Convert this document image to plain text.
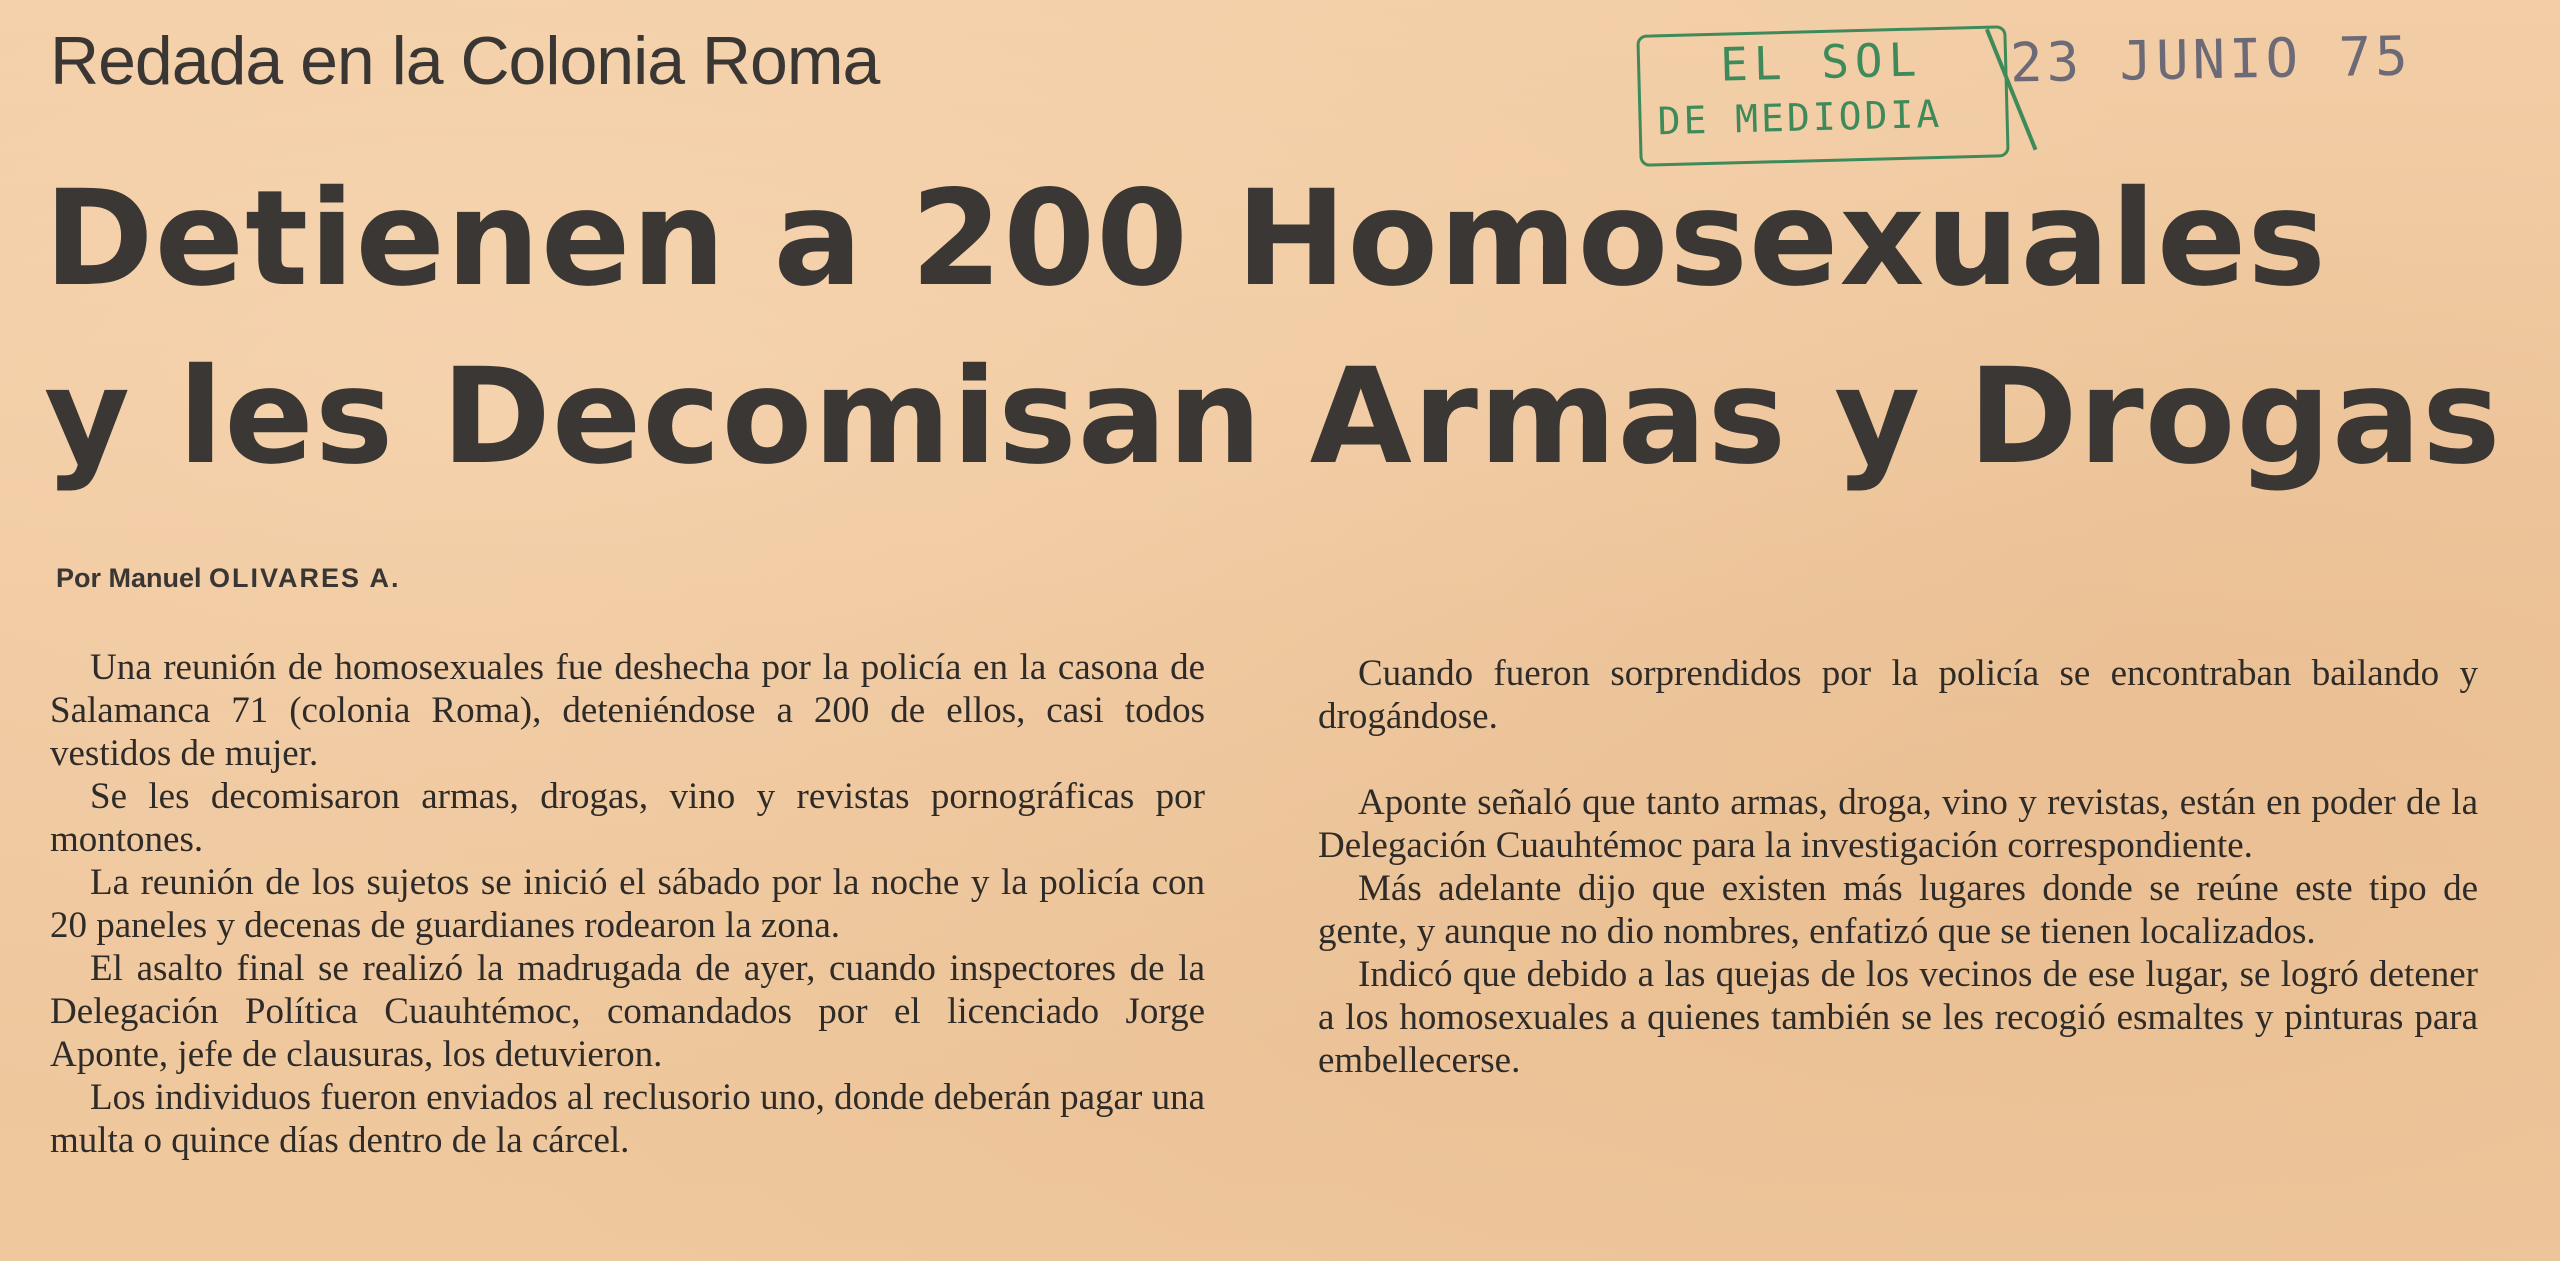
Redada en la Colonia Roma	EL SOL
DE MEDIODIA
23 JUNIO 75
Detienen a 200 Homosexuales
y les Decomisan Armas y Drogas
Por Manuel OLIVARES A.

Una reunión de homosexuales fue deshecha por la policía en la casona de Salamanca 71 (colonia Roma), deteniéndose a 200 de ellos, casi todos vestidos de mujer.

Se les decomisaron armas, drogas, vino y revistas pornográficas por montones.

La reunión de los sujetos se inició el sábado por la noche y la policía con 20 paneles y decenas de guardianes rodearon la zona.

El asalto final se realizó la madrugada de ayer, cuando inspectores de la Delegación Política Cuauhtémoc, comandados por el licenciado Jorge Aponte, jefe de clausuras, los detuvieron.

Los individuos fueron enviados al reclusorio uno, donde deberán pagar una multa o quince días dentro de la cárcel.

Cuando fueron sorprendidos por la policía se encontraban bailando y drogándose.

Aponte señaló que tanto armas, droga, vino y revistas, están en poder de la Delegación Cuauhtémoc para la investigación correspondiente.

Más adelante dijo que existen más lugares donde se reúne este tipo de gente, y aunque no dio nombres, enfatizó que se tienen localizados.

Indicó que debido a las quejas de los vecinos de ese lugar, se logró detener a los homosexuales a quienes también se les recogió esmaltes y pinturas para embellecerse.
